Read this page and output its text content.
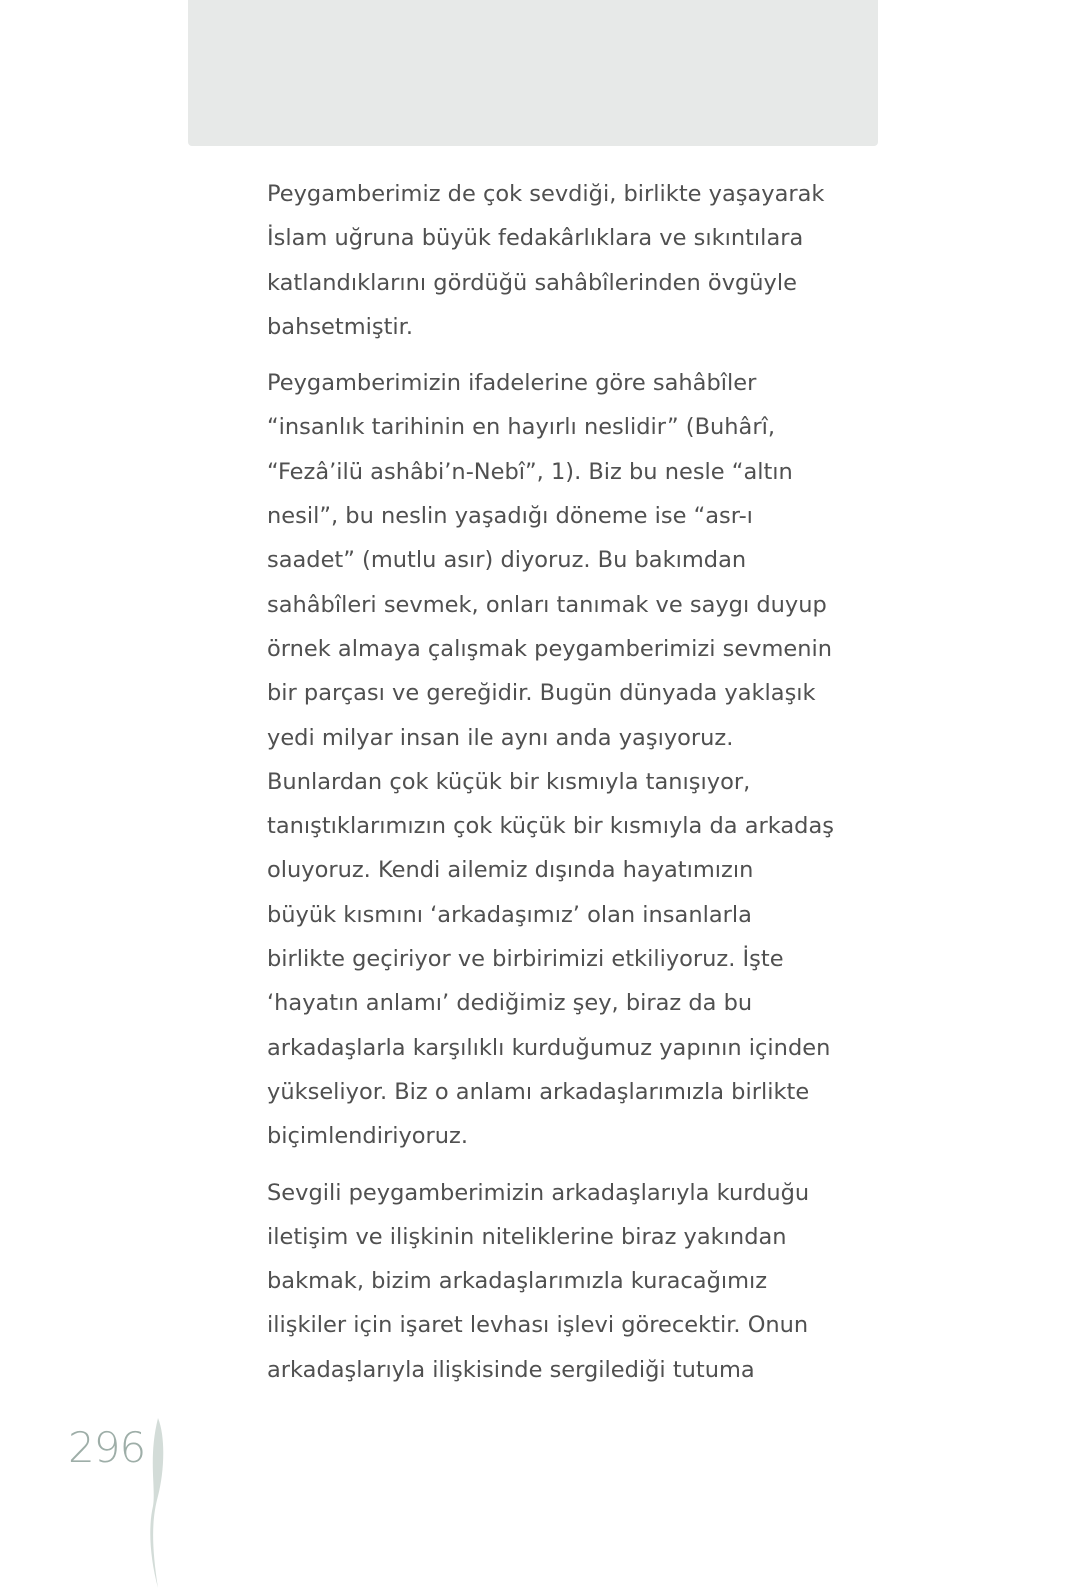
Peygamberimiz de çok sevdiği, birlikte yaşayarak
İslam uğruna büyük fedakârlıklara ve sıkıntılara
katlandıklarını gördüğü sahâbîlerinden övgüyle
bahsetmiştir.

Peygamberimizin ifadelerine göre sahâbîler
“insanlık tarihinin en hayırlı neslidir” (Buhârî,
“Fezâ’ilü ashâbi’n-Nebî”, 1). Biz bu nesle “altın
nesil”, bu neslin yaşadığı döneme ise “asr-ı
saadet” (mutlu asır) diyoruz. Bu bakımdan
sahâbîleri sevmek, onları tanımak ve saygı duyup
örnek almaya çalışmak peygamberimizi sevmenin
bir parçası ve gereğidir. Bugün dünyada yaklaşık
yedi milyar insan ile aynı anda yaşıyoruz.
Bunlardan çok küçük bir kısmıyla tanışıyor,
tanıştıklarımızın çok küçük bir kısmıyla da arkadaş
oluyoruz. Kendi ailemiz dışında hayatımızın
büyük kısmını ‘arkadaşımız’ olan insanlarla
birlikte geçiriyor ve birbirimizi etkiliyoruz. İşte
‘hayatın anlamı’ dediğimiz şey, biraz da bu
arkadaşlarla karşılıklı kurduğumuz yapının içinden
yükseliyor. Biz o anlamı arkadaşlarımızla birlikte
biçimlendiriyoruz.

Sevgili peygamberimizin arkadaşlarıyla kurduğu
iletişim ve ilişkinin niteliklerine biraz yakından
bakmak, bizim arkadaşlarımızla kuracağımız
ilişkiler için işaret levhası işlevi görecektir. Onun
arkadaşlarıyla ilişkisinde sergilediği tutuma

296
